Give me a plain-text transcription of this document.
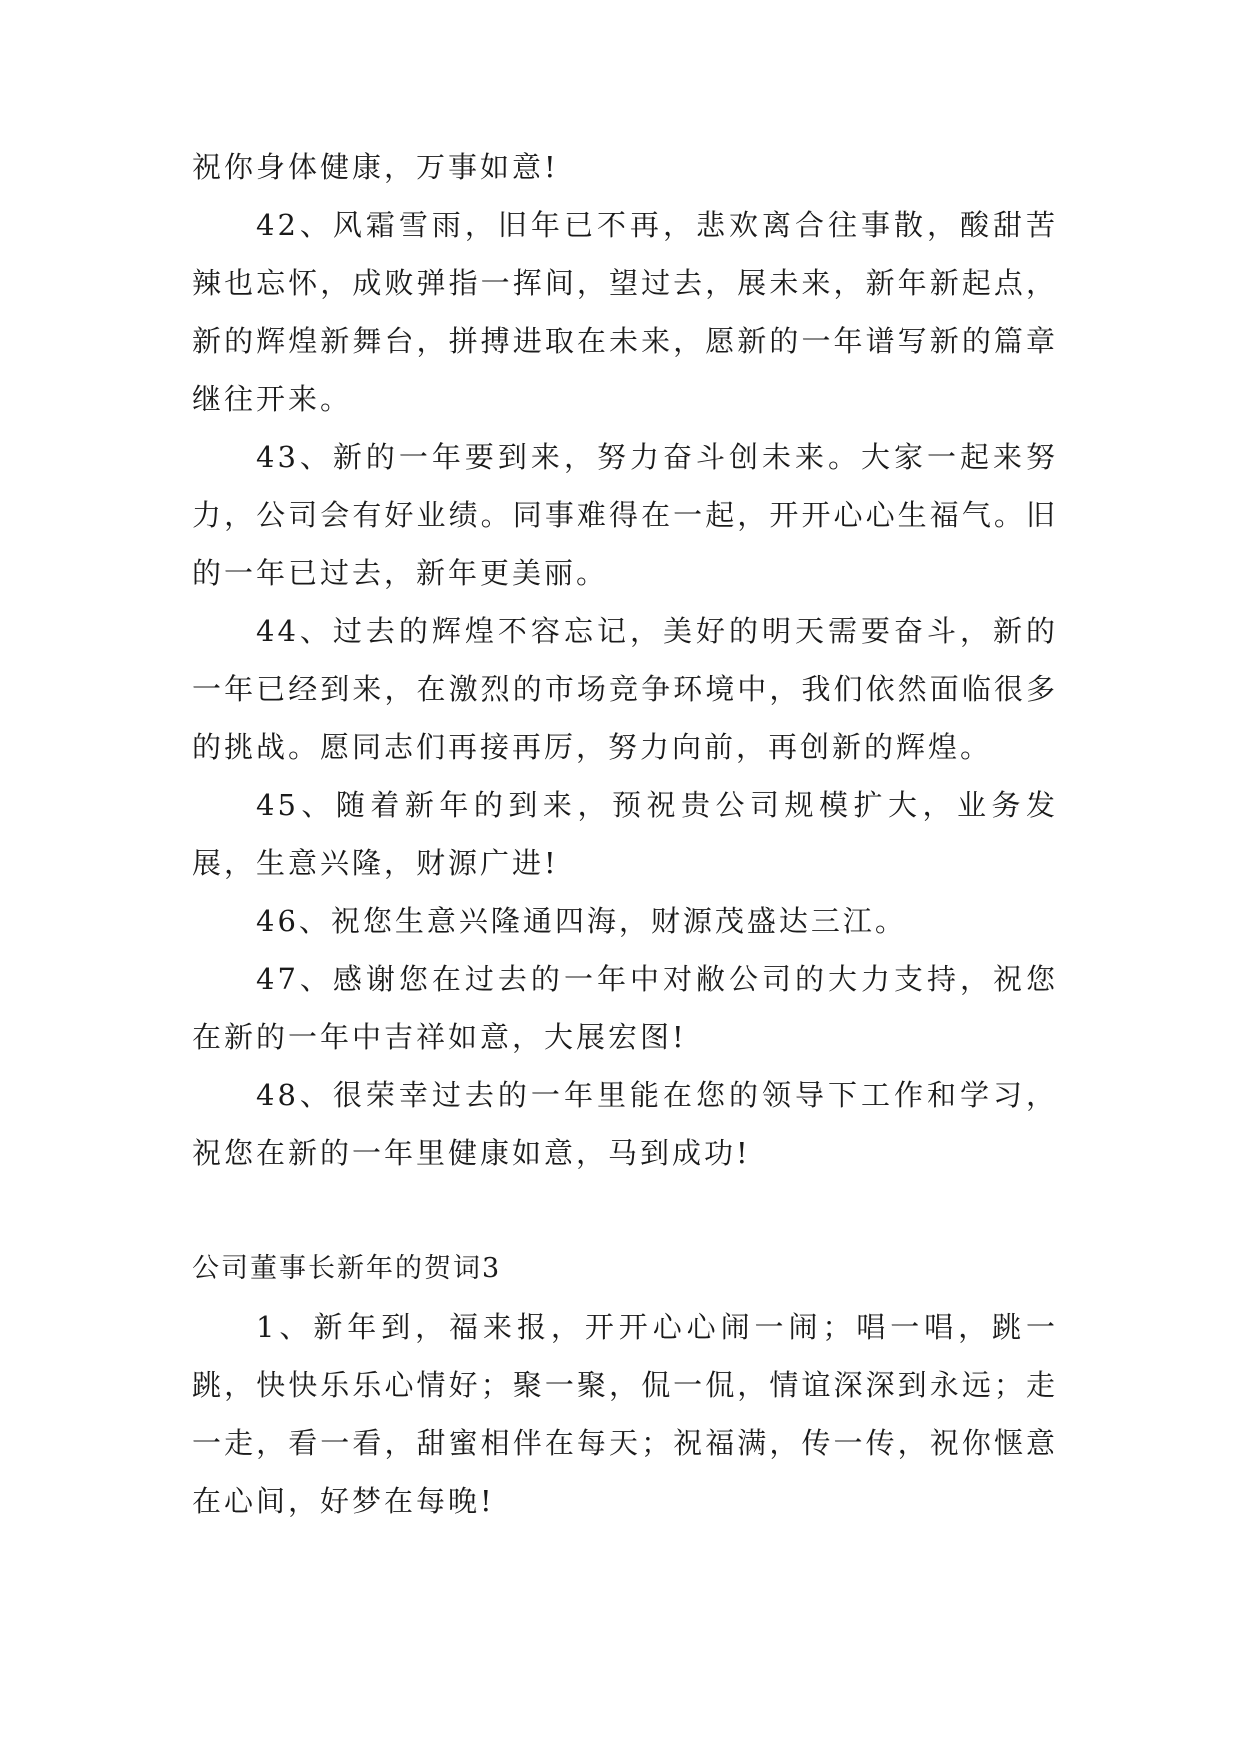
祝你身体健康，万事如意!

42、风霜雪雨，旧年已不再，悲欢离合往事散，酸甜苦辣也忘怀，成败弹指一挥间，望过去，展未来，新年新起点，新的辉煌新舞台，拼搏进取在未来，愿新的一年谱写新的篇章继往开来。

43、新的一年要到来，努力奋斗创未来。大家一起来努力，公司会有好业绩。同事难得在一起，开开心心生福气。旧的一年已过去，新年更美丽。

44、过去的辉煌不容忘记，美好的明天需要奋斗，新的一年已经到来，在激烈的市场竞争环境中，我们依然面临很多的挑战。愿同志们再接再厉，努力向前，再创新的辉煌。

45、随着新年的到来，预祝贵公司规模扩大，业务发展，生意兴隆，财源广进!

46、祝您生意兴隆通四海，财源茂盛达三江。

47、感谢您在过去的一年中对敝公司的大力支持，祝您在新的一年中吉祥如意，大展宏图!

48、很荣幸过去的一年里能在您的领导下工作和学习，祝您在新的一年里健康如意，马到成功!

公司董事长新年的贺词3

1、新年到，福来报，开开心心闹一闹；唱一唱，跳一跳，快快乐乐心情好；聚一聚，侃一侃，情谊深深到永远；走一走，看一看，甜蜜相伴在每天；祝福满，传一传，祝你惬意在心间，好梦在每晚!
